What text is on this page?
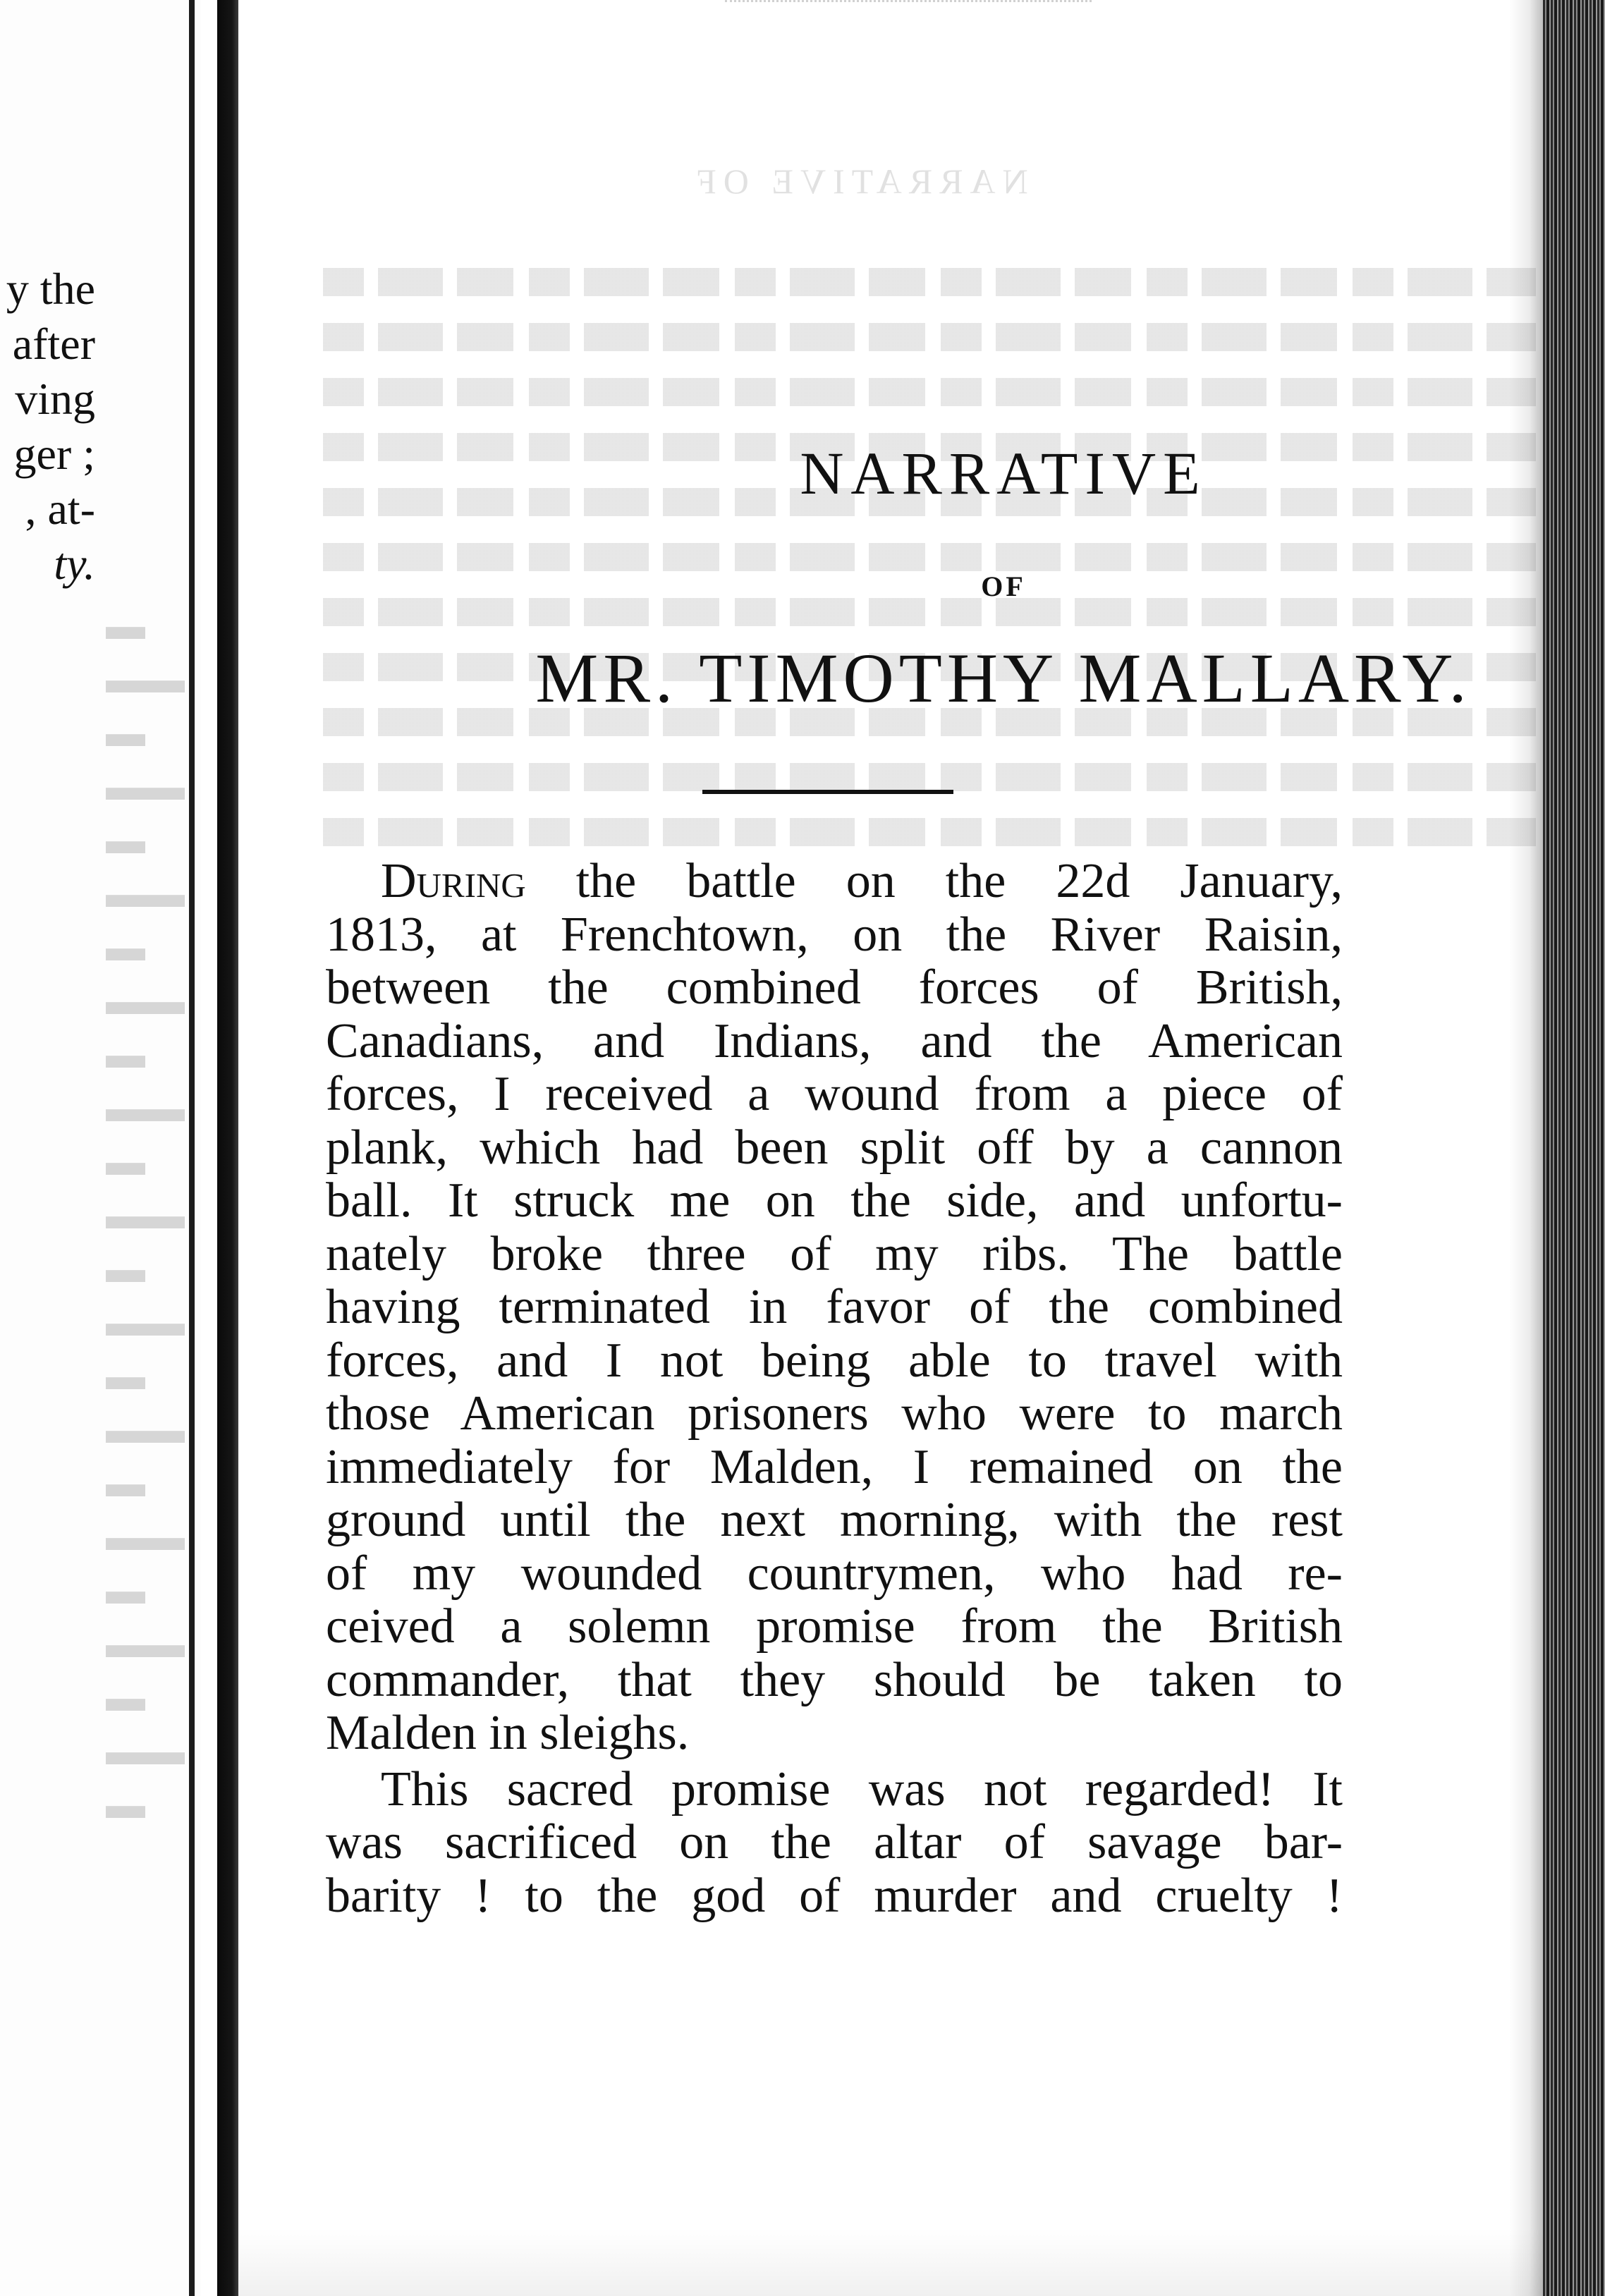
y the
after
ving
ger ;
, at-
ty.
▬
▬▬
▬
▬▬
▬
▬▬
▬
▬▬
▬
▬▬
▬
▬▬
▬
▬▬
▬
▬▬
▬
▬▬
▬
▬▬
▬
▬▬
▬
NARRATIVE OF
NARRATIVE
OF
MR. TIMOTHY MALLARY.
During the battle on the 22d January,
1813, at Frenchtown, on the River Raisin,
between the combined forces of British,
Canadians, and Indians, and the American
forces, I received a wound from a piece of
plank, which had been split off by a cannon
ball. It struck me on the side, and unfortu-
nately broke three of my ribs. The battle
having terminated in favor of the combined
forces, and I not being able to travel with
those American prisoners who were to march
immediately for Malden, I remained on the
ground until the next morning, with the rest
of my wounded countrymen, who had re-
ceived a solemn promise from the British
commander, that they should be taken to
Malden in sleighs.
This sacred promise was not regarded! It
was sacrificed on the altar of savage bar-
barity ! to the god of murder and cruelty !
